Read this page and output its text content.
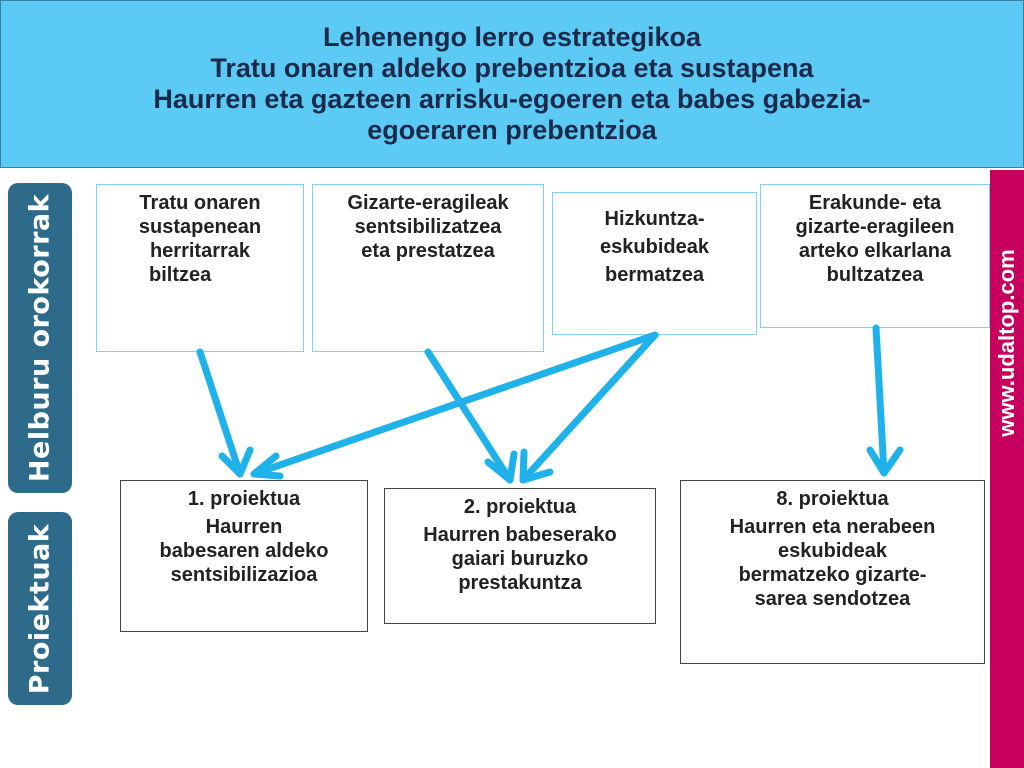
Lehenengo lerro estrategikoa
Tratu onaren aldeko prebentzioa eta sustapena
Haurren eta gazteen arrisku-egoeren eta babes gabezia-
egoeraren prebentzioa
Helburu orokorrak
Proiektuak
www.udaltop.com
Tratu onaren
sustapenean
herritarrak
biltzea
Gizarte-eragileak
sentsibilizatzea
eta prestatzea
Hizkuntza-
eskubideak
bermatzea
Erakunde- eta
gizarte-eragileen
arteko elkarlana
bultzatzea
1. proiektua
Haurren
babesaren aldeko
sentsibilizazioa
2. proiektua
Haurren babeserako
gaiari buruzko
prestakuntza
8. proiektua
Haurren eta nerabeen
eskubideak
bermatzeko gizarte-
sarea sendotzea
